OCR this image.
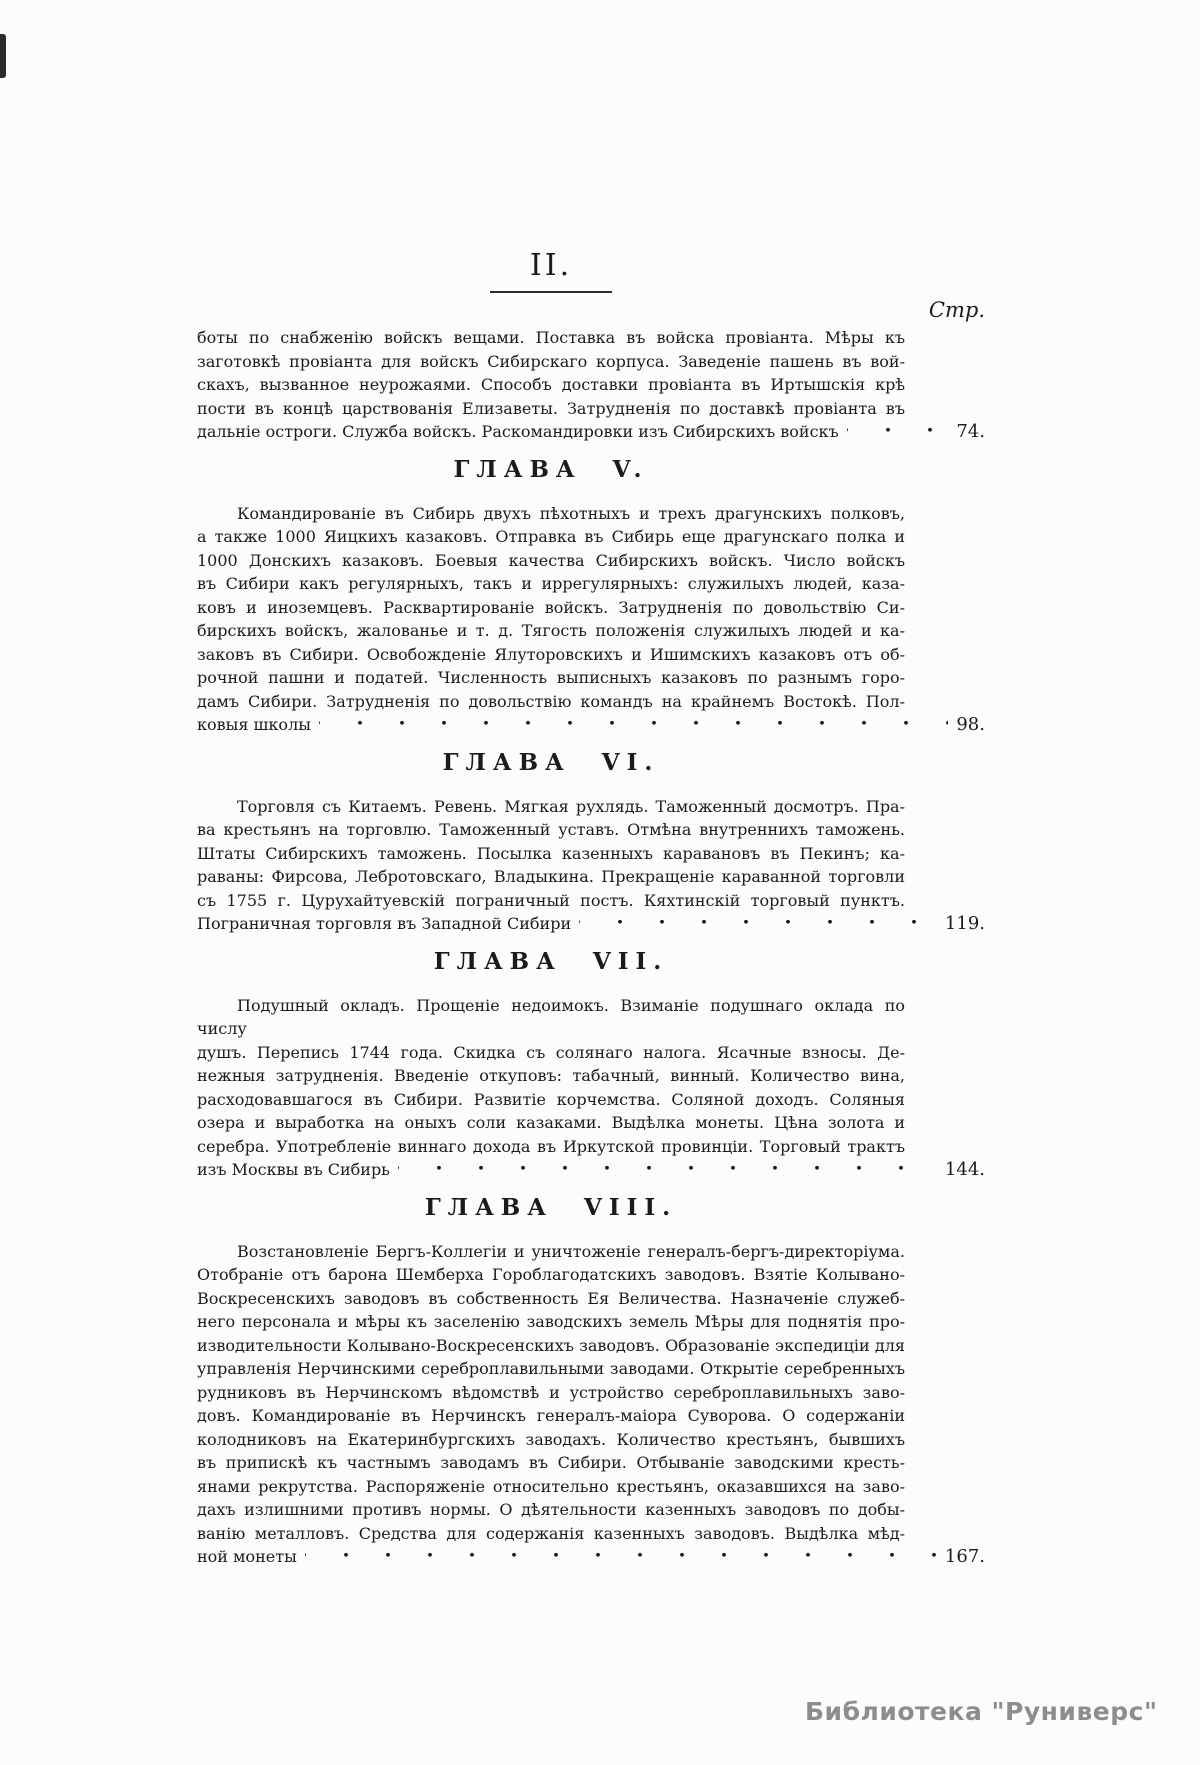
II.
Стр.
боты по снабженію войскъ вещами. Поставка въ войска провіанта. Мѣры къ
заготовкѣ провіанта для войскъ Сибирскаго корпуса. Заведеніе пашень въ вой-
скахъ, вызванное неурожаями. Способъ доставки провіанта въ Иртышскія крѣ
пости въ концѣ царствованія Елизаветы. Затрудненія по доставкѣ провіанта въ
дальніе остроги. Служба войскъ. Раскомандировки изъ Сибирскихъ войскъ	74.
ГЛАВА V.
Командированіе въ Сибирь двухъ пѣхотныхъ и трехъ драгунскихъ полковъ,
а также 1000 Яицкихъ казаковъ. Отправка въ Сибирь еще драгунскаго полка и
1000 Донскихъ казаковъ. Боевыя качества Сибирскихъ войскъ. Число войскъ
въ Сибири какъ регулярныхъ, такъ и иррегулярныхъ: служилыхъ людей, каза-
ковъ и иноземцевъ. Расквартированіе войскъ. Затрудненія по довольствію Си-
бирскихъ войскъ, жалованье и т. д. Тягость положенія служилыхъ людей и ка-
заковъ въ Сибири. Освобожденіе Ялуторовскихъ и Ишимскихъ казаковъ отъ об-
рочной пашни и податей. Численность выписныхъ казаковъ по разнымъ горо-
дамъ Сибири. Затрудненія по довольствію командъ на крайнемъ Востокѣ. Пол-
ковыя школы	98.
ГЛАВА VI.
Торговля съ Китаемъ. Ревень. Мягкая рухлядь. Таможенный досмотръ. Пра-
ва крестьянъ на торговлю. Таможенный уставъ. Отмѣна внутреннихъ таможень.
Штаты Сибирскихъ таможень. Посылка казенныхъ каравановъ въ Пекинъ; ка-
раваны: Фирсова, Лебротовскаго, Владыкина. Прекращеніе караванной торговли
съ 1755 г. Цурухайтуевскій пограничный постъ. Кяхтинскій торговый пунктъ.
Пограничная торговля въ Западной Сибири	119.
ГЛАВА VII.
Подушный окладъ. Прощеніе недоимокъ. Взиманіе подушнаго оклада по числу
душъ. Перепись 1744 года. Скидка съ солянаго налога. Ясачные взносы. Де-
нежныя затрудненія. Введеніе откуповъ: табачный, винный. Количество вина,
расходовавшагося въ Сибири. Развитіе корчемства. Соляной доходъ. Соляныя
озера и выработка на оныхъ соли казаками. Выдѣлка монеты. Цѣна золота и
серебра. Употребленіе виннаго дохода въ Иркутской провинціи. Торговый трактъ
изъ Москвы въ Сибирь	144.
ГЛАВА VIII.
Возстановленіе Бергъ-Коллегіи и уничтоженіе генералъ-бергъ-директоріума.
Отобраніе отъ барона Шемберха Гороблагодатскихъ заводовъ. Взятіе Колывано-
Воскресенскихъ заводовъ въ собственность Ея Величества. Назначеніе служеб-
него персонала и мѣры къ заселенію заводскихъ земель Мѣры для поднятія про-
изводительности Колывано-Воскресенскихъ заводовъ. Образованіе экспедиціи для
управленія Нерчинскими сереброплавильными заводами. Открытіе серебренныхъ
рудниковъ въ Нерчинскомъ вѣдомствѣ и устройство сереброплавильныхъ заво-
довъ. Командированіе въ Нерчинскъ генералъ-маіора Суворова. О содержаніи
колодниковъ на Екатеринбургскихъ заводахъ. Количество крестьянъ, бывшихъ
въ припискѣ къ частнымъ заводамъ въ Сибири. Отбываніе заводскими кресть-
янами рекрутства. Распоряженіе относительно крестьянъ, оказавшихся на заво-
дахъ излишними противъ нормы. О дѣятельности казенныхъ заводовъ по добы-
ванію металловъ. Средства для содержанія казенныхъ заводовъ. Выдѣлка мѣд-
ной монеты	167.
Библиотека "Руниверс"
